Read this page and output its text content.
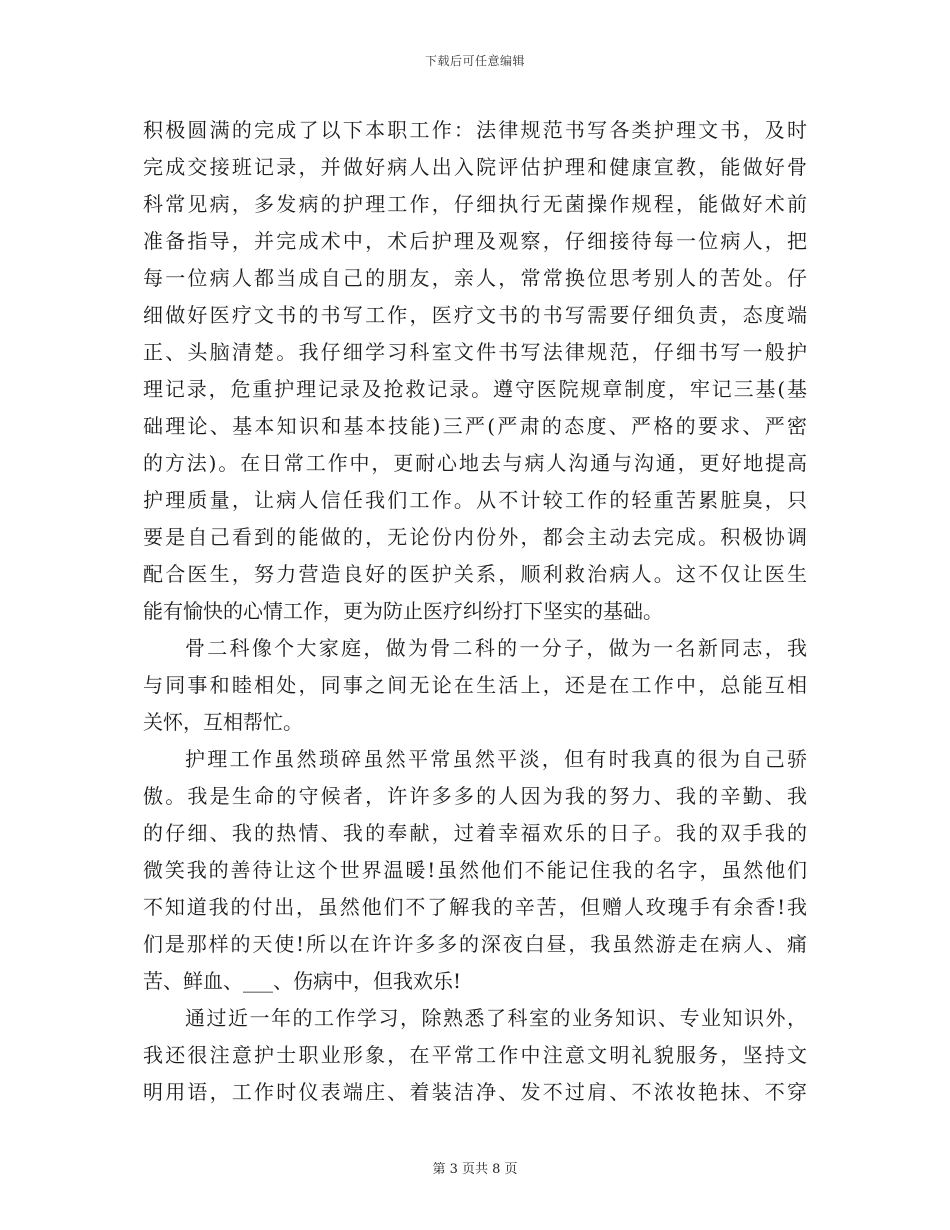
下载后可任意编辑
积极圆满的完成了以下本职工作：法律规范书写各类护理文书，及时
完成交接班记录，并做好病人出入院评估护理和健康宣教，能做好骨
科常见病，多发病的护理工作，仔细执行无菌操作规程，能做好术前
准备指导，并完成术中，术后护理及观察，仔细接待每一位病人，把
每一位病人都当成自己的朋友，亲人，常常换位思考别人的苦处。仔
细做好医疗文书的书写工作，医疗文书的书写需要仔细负责，态度端
正、头脑清楚。我仔细学习科室文件书写法律规范，仔细书写一般护
理记录，危重护理记录及抢救记录。遵守医院规章制度，牢记三基(基
础理论、基本知识和基本技能)三严(严肃的态度、严格的要求、严密
的方法)。在日常工作中，更耐心地去与病人沟通与沟通，更好地提高
护理质量，让病人信任我们工作。从不计较工作的轻重苦累脏臭，只
要是自己看到的能做的，无论份内份外，都会主动去完成。积极协调
配合医生，努力营造良好的医护关系，顺利救治病人。这不仅让医生
能有愉快的心情工作，更为防止医疗纠纷打下坚实的基础。
骨二科像个大家庭，做为骨二科的一分子，做为一名新同志，我
与同事和睦相处，同事之间无论在生活上，还是在工作中，总能互相
关怀，互相帮忙。
护理工作虽然琐碎虽然平常虽然平淡，但有时我真的很为自己骄
傲。我是生命的守候者，许许多多的人因为我的努力、我的辛勤、我
的仔细、我的热情、我的奉献，过着幸福欢乐的日子。我的双手我的
微笑我的善待让这个世界温暖!虽然他们不能记住我的名字，虽然他们
不知道我的付出，虽然他们不了解我的辛苦，但赠人玫瑰手有余香!我
们是那样的天使!所以在许许多多的深夜白昼，我虽然游走在病人、痛
苦、鲜血、___、伤病中，但我欢乐!
通过近一年的工作学习，除熟悉了科室的业务知识、专业知识外，
我还很注意护士职业形象，在平常工作中注意文明礼貌服务，坚持文
明用语，工作时仪表端庄、着装洁净、发不过肩、不浓妆艳抹、不穿
第 3 页共 8 页
